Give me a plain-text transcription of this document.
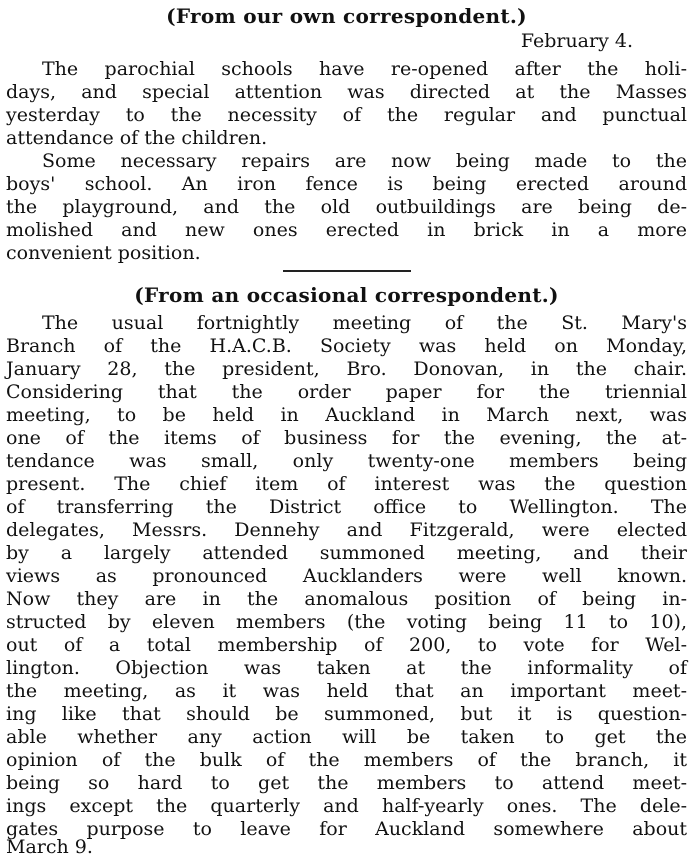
(From our own correspondent.)
February 4.
The parochial schools have re-opened after the holi-
days, and special attention was directed at the Masses
yesterday to the necessity of the regular and punctual
attendance of the children.
Some necessary repairs are now being made to the
boys' school. An iron fence is being erected around
the playground, and the old outbuildings are being de-
molished and new ones erected in brick in a more
convenient position.
(From an occasional correspondent.)
The usual fortnightly meeting of the St. Mary's
Branch of the H.A.C.B. Society was held on Monday,
January 28, the president, Bro. Donovan, in the chair.
Considering that the order paper for the triennial
meeting, to be held in Auckland in March next, was
one of the items of business for the evening, the at-
tendance was small, only twenty-one members being
present. The chief item of interest was the question
of transferring the District office to Wellington. The
delegates, Messrs. Dennehy and Fitzgerald, were elected
by a largely attended summoned meeting, and their
views as pronounced Aucklanders were well known.
Now they are in the anomalous position of being in-
structed by eleven members (the voting being 11 to 10),
out of a total membership of 200, to vote for Wel-
lington. Objection was taken at the informality of
the meeting, as it was held that an important meet-
ing like that should be summoned, but it is question-
able whether any action will be taken to get the
opinion of the bulk of the members of the branch, it
being so hard to get the members to attend meet-
ings except the quarterly and half-yearly ones. The dele-
gates purpose to leave for Auckland somewhere about
March 9.
